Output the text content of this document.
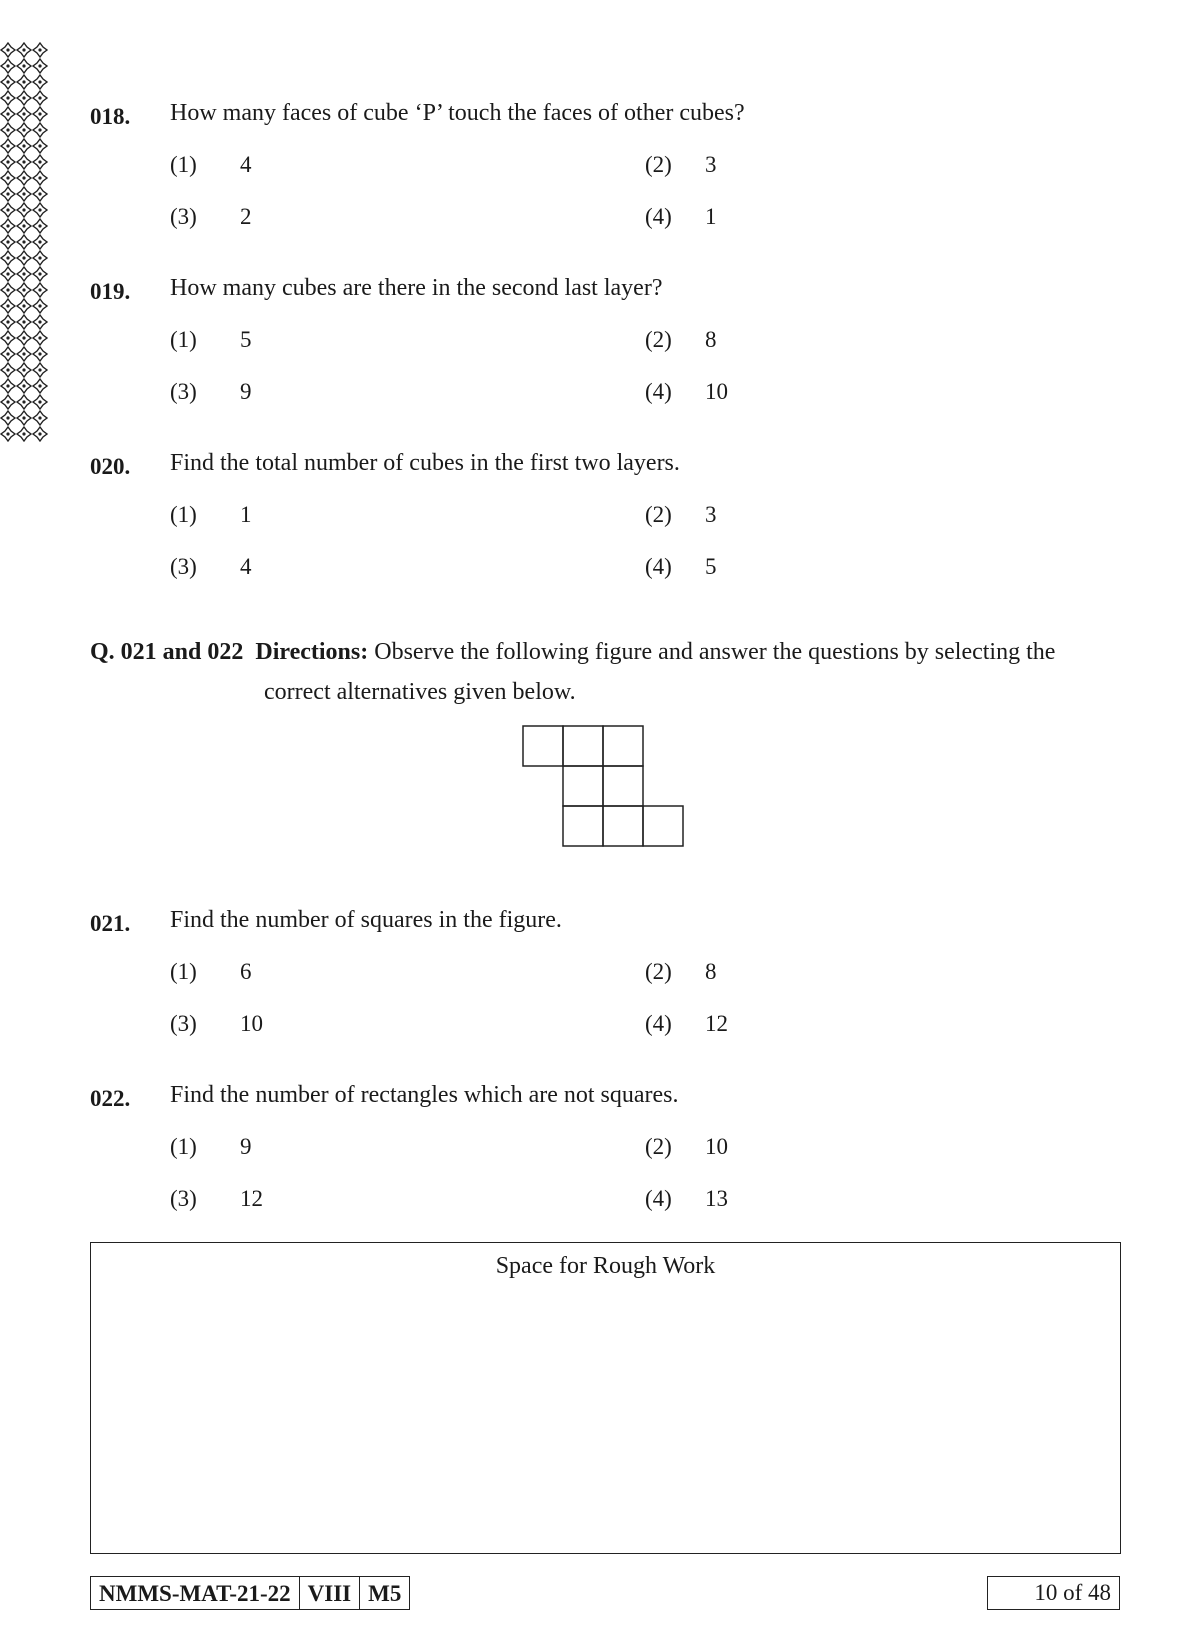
018. How many faces of cube ‘P’ touch the faces of other cubes?
(1) 4	(2) 3
(3) 2	(4) 1
019. How many cubes are there in the second last layer?
(1) 5	(2) 8
(3) 9	(4) 10
020. Find the total number of cubes in the first two layers.
(1) 1	(2) 3
(3) 4	(4) 5
Q. 021 and 022 Directions: Observe the following figure and answer the questions by selecting the
correct alternatives given below.
021. Find the number of squares in the figure.
(1) 6	(2) 8
(3) 10	(4) 12
022. Find the number of rectangles which are not squares.
(1) 9	(2) 10
(3) 12	(4) 13
Space for Rough Work
NMMS-MAT-21-22 VIII M5	10 of 48
